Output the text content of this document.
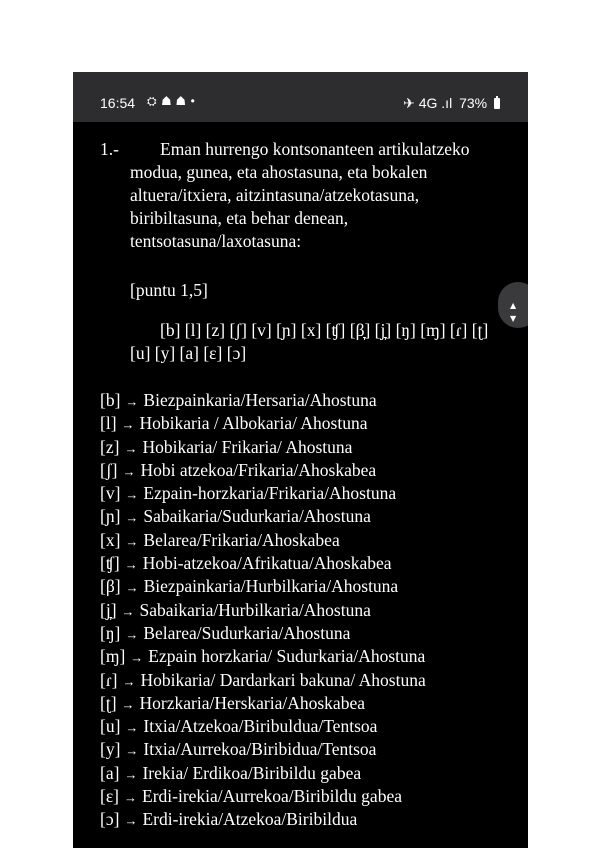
16:54 ⛭ ☗ ☗ •	✈ 4G .ıl 73%
1.-	Eman hurrengo kontsonanteen artikulatzeko modua, gunea, eta ahostasuna, eta bokalen altuera/itxiera, aitzintasuna/atzekotasuna, biribiltasuna, eta behar denean, tentsotasuna/laxotasuna:

[puntu 1,5]

[b] [l] [z] [ʃ] [v] [ɲ] [x] [ʧ] [β̞] [j̞] [ŋ] [ɱ] [ɾ] [ʈ] [u] [y] [a] [ɛ] [ɔ]

[b] → Biezpainkaria/Hersaria/Ahostuna
[l] → Hobikaria / Albokaria/ Ahostuna
[z] → Hobikaria/ Frikaria/ Ahostuna
[ʃ] → Hobi atzekoa/Frikaria/Ahoskabea
[v] → Ezpain-horzkaria/Frikaria/Ahostuna
[ɲ] → Sabaikaria/Sudurkaria/Ahostuna
[x] → Belarea/Frikaria/Ahoskabea
[ʧ] → Hobi-atzekoa/Afrikatua/Ahoskabea
[β] → Biezpainkaria/Hurbilkaria/Ahostuna
[j̞] → Sabaikaria/Hurbilkaria/Ahostuna
[ŋ] → Belarea/Sudurkaria/Ahostuna
[ɱ] → Ezpain horzkaria/ Sudurkaria/Ahostuna
[ɾ] → Hobikaria/ Dardarkari bakuna/ Ahostuna
[ʈ] → Horzkaria/Herskaria/Ahoskabea
[u] → Itxia/Atzekoa/Biribuldua/Tentsoa
[y] → Itxia/Aurrekoa/Biribidua/Tentsoa
[a] → Irekia/ Erdikoa/Biribildu gabea
[ɛ] → Erdi-irekia/Aurrekoa/Biribildu gabea
[ɔ] → Erdi-irekia/Atzekoa/Biribildua
▲
▼
